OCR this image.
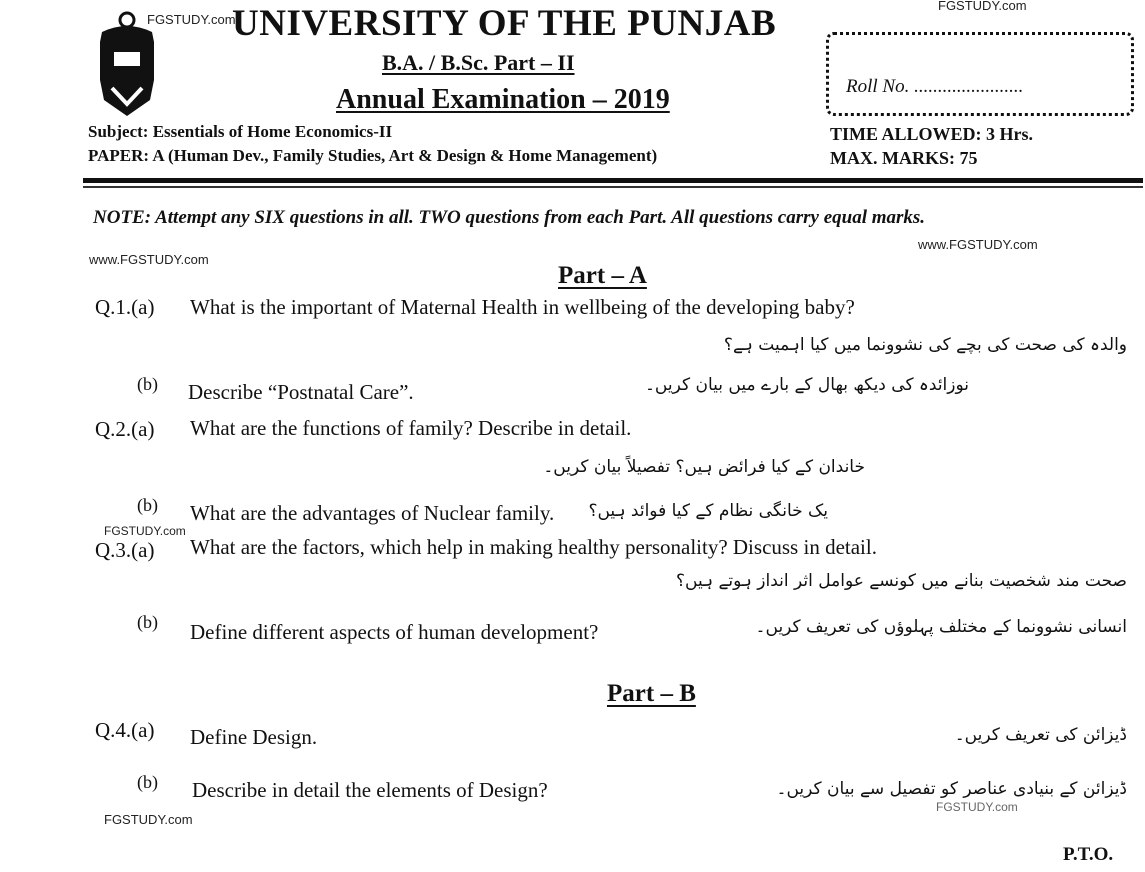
FGSTUDY.com
FGSTUDY.com
www.FGSTUDY.com
www.FGSTUDY.com
FGSTUDY.com
FGSTUDY.com
FGSTUDY.com
UNIVERSITY OF THE PUNJAB
B.A. / B.Sc. Part – II
Annual Examination – 2019
Subject: Essentials of Home Economics-II
PAPER: A (Human Dev., Family Studies, Art & Design & Home Management)
Roll No. .......................
TIME ALLOWED: 3 Hrs.
MAX. MARKS: 75
NOTE: Attempt any SIX questions in all. TWO questions from each Part. All questions carry equal marks.
Part – A
Q.1.(a) What is the important of Maternal Health in wellbeing of the developing baby?
والدہ کی صحت کی بچے کی نشوونما میں کیا اہمیت ہے؟
(b) Describe “Postnatal Care”.	نوزائدہ کی دیکھ بھال کے بارے میں بیان کریں۔
Q.2.(a) What are the functions of family? Describe in detail.
خاندان کے کیا فرائض ہیں؟ تفصیلاً بیان کریں۔
(b) What are the advantages of Nuclear family. یک خانگی نظام کے کیا فوائد ہیں؟
Q.3.(a) What are the factors, which help in making healthy personality? Discuss in detail.
صحت مند شخصیت بنانے میں کونسے عوامل اثر انداز ہوتے ہیں؟
(b) Define different aspects of human development?	انسانی نشوونما کے مختلف پہلوؤں کی تعریف کریں۔
Part – B
Q.4.(a) Define Design.	ڈیزائن کی تعریف کریں۔
(b) Describe in detail the elements of Design?	ڈیزائن کے بنیادی عناصر کو تفصیل سے بیان کریں۔
P.T.O.
